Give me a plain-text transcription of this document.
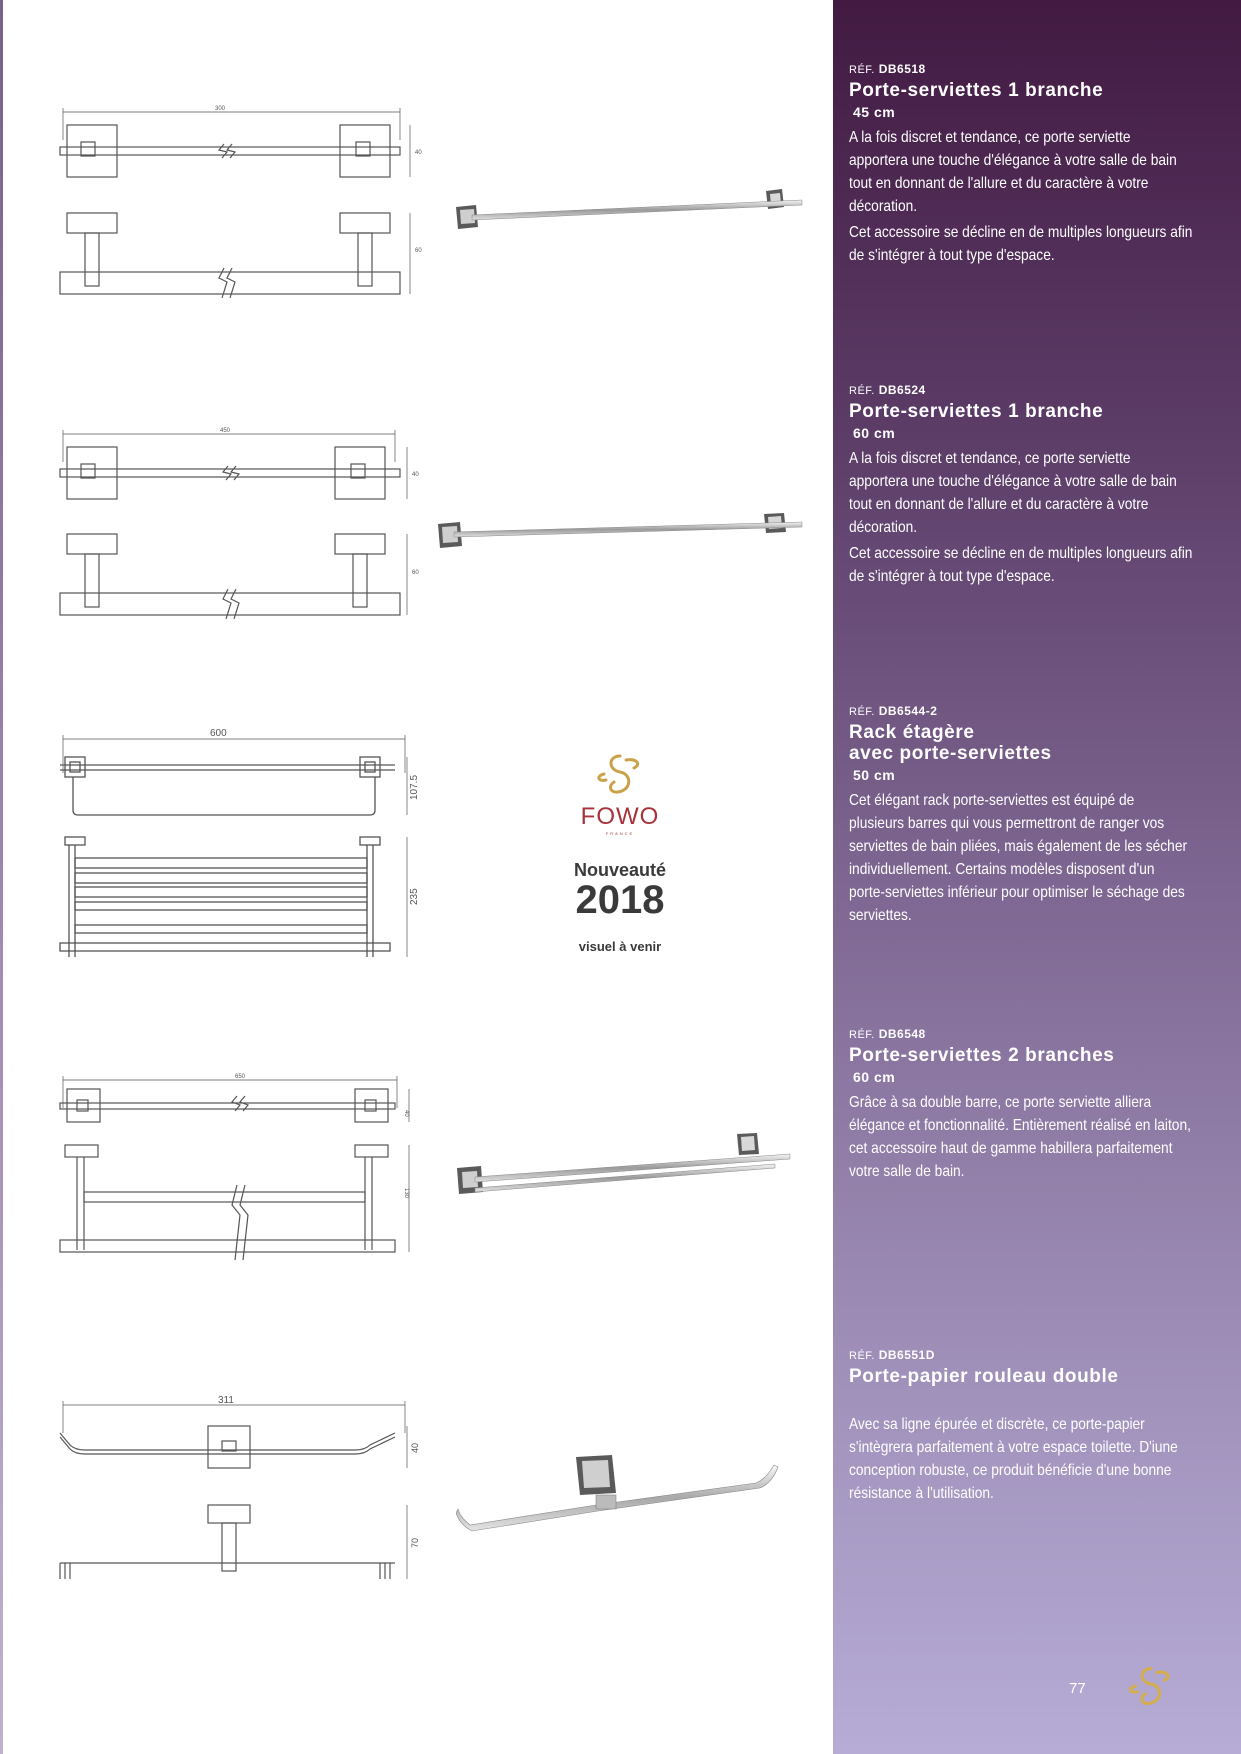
RÉF. DB6518
Porte-serviettes 1 branche
45 cm

A la fois discret et tendance, ce porte serviette apportera une touche d'élégance à votre salle de bain tout en donnant de l'allure et du caractère à votre décoration.

Cet accessoire se décline en de multiples longueurs afin de s'intégrer à tout type d'espace.

300
40
60
RÉF. DB6524
Porte-serviettes 1 branche
60 cm

A la fois discret et tendance, ce porte serviette apportera une touche d'élégance à votre salle de bain tout en donnant de l'allure et du caractère à votre décoration.

Cet accessoire se décline en de multiples longueurs afin de s'intégrer à tout type d'espace.

450
40
60
RÉF. DB6544-2
Rack étagère
avec porte-serviettes
50 cm

Cet élégant rack porte-serviettes est équipé de plusieurs barres qui vous permettront de ranger vos serviettes de bain pliées, mais également de les sécher individuellement. Certains modèles disposent d'un porte-serviettes inférieur pour optimiser le séchage des serviettes.

600
107.5
235
FOWO
FRANCE
Nouveauté
2018
visuel à venir
RÉF. DB6548
Porte-serviettes 2 branches
60 cm

Grâce à sa double barre, ce porte serviette alliera élégance et fonctionnalité. Entièrement réalisé en laiton, cet accessoire haut de gamme habillera parfaitement votre salle de bain.

650
40
130
RÉF. DB6551D
Porte-papier rouleau double

Avec sa ligne épurée et discrète, ce porte-papier s'intègrera parfaitement à votre espace toilette. D'iune conception robuste, ce produit bénéficie d'une bonne résistance à l'utilisation.

311
40
70
77
